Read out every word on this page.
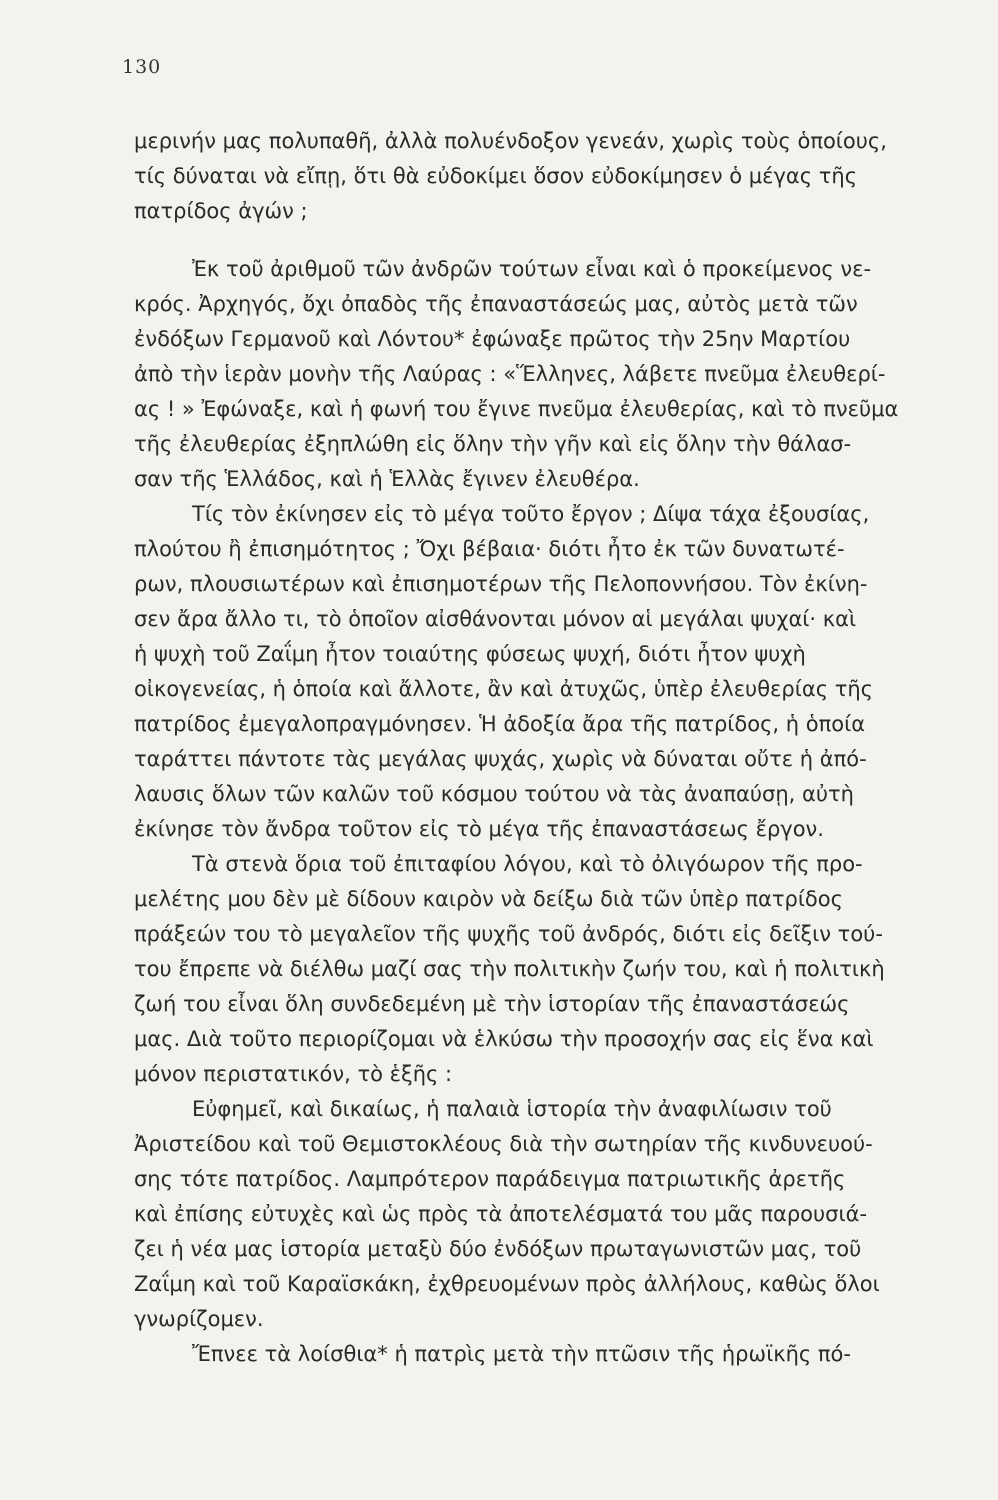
130
μερινήν μας πολυπαθῆ, ἀλλὰ πολυένδοξον γενεάν, χωρὶς τοὺς ὁποίους,
τίς δύναται νὰ εἴπῃ, ὅτι θὰ εὐδοκίμει ὅσον εὐδοκίμησεν ὁ μέγας τῆς
πατρίδος ἀγών ;
Ἐκ τοῦ ἀριθμοῦ τῶν ἀνδρῶν τούτων εἶναι καὶ ὁ προκείμενος νε-
κρός. Ἀρχηγός, ὄχι ὀπαδὸς τῆς ἐπαναστάσεώς μας, αὐτὸς μετὰ τῶν
ἐνδόξων Γερμανοῦ καὶ Λόντου* ἐφώναξε πρῶτος τὴν 25ην Μαρτίου
ἀπὸ τὴν ἱερὰν μονὴν τῆς Λαύρας : «Ἕλληνες, λάβετε πνεῦμα ἐλευθερί-
ας ! » Ἐφώναξε, καὶ ἡ φωνή του ἔγινε πνεῦμα ἐλευθερίας, καὶ τὸ πνεῦμα
τῆς ἐλευθερίας ἐξηπλώθη εἰς ὅλην τὴν γῆν καὶ εἰς ὅλην τὴν θάλασ-
σαν τῆς Ἑλλάδος, καὶ ἡ Ἑλλὰς ἔγινεν ἐλευθέρα.
Τίς τὸν ἐκίνησεν εἰς τὸ μέγα τοῦτο ἔργον ; Δίψα τάχα ἐξουσίας,
πλούτου ἢ ἐπισημότητος ; Ὄχι βέβαια· διότι ἦτο ἐκ τῶν δυνατωτέ-
ρων, πλουσιωτέρων καὶ ἐπισημοτέρων τῆς Πελοποννήσου. Τὸν ἐκίνη-
σεν ἄρα ἄλλο τι, τὸ ὁποῖον αἰσθάνονται μόνον αἱ μεγάλαι ψυχαί· καὶ
ἡ ψυχὴ τοῦ Ζαΐμη ἦτον τοιαύτης φύσεως ψυχή, διότι ἦτον ψυχὴ
οἰκογενείας, ἡ ὁποία καὶ ἄλλοτε, ἂν καὶ ἀτυχῶς, ὑπὲρ ἐλευθερίας τῆς
πατρίδος ἐμεγαλοπραγμόνησεν. Ἡ ἀδοξία ἄρα τῆς πατρίδος, ἡ ὁποία
ταράττει πάντοτε τὰς μεγάλας ψυχάς, χωρὶς νὰ δύναται οὔτε ἡ ἀπό-
λαυσις ὅλων τῶν καλῶν τοῦ κόσμου τούτου νὰ τὰς ἀναπαύσῃ, αὐτὴ
ἐκίνησε τὸν ἄνδρα τοῦτον εἰς τὸ μέγα τῆς ἐπαναστάσεως ἔργον.
Τὰ στενὰ ὅρια τοῦ ἐπιταφίου λόγου, καὶ τὸ ὀλιγόωρον τῆς προ-
μελέτης μου δὲν μὲ δίδουν καιρὸν νὰ δείξω διὰ τῶν ὑπὲρ πατρίδος
πράξεών του τὸ μεγαλεῖον τῆς ψυχῆς τοῦ ἀνδρός, διότι εἰς δεῖξιν τού-
του ἔπρεπε νὰ διέλθω μαζί σας τὴν πολιτικὴν ζωήν του, καὶ ἡ πολιτικὴ
ζωή του εἶναι ὅλη συνδεδεμένη μὲ τὴν ἱστορίαν τῆς ἐπαναστάσεώς
μας. Διὰ τοῦτο περιορίζομαι νὰ ἑλκύσω τὴν προσοχήν σας εἰς ἕνα καὶ
μόνον περιστατικόν, τὸ ἑξῆς :
Εὐφημεῖ, καὶ δικαίως, ἡ παλαιὰ ἱστορία τὴν ἀναφιλίωσιν τοῦ
Ἀριστείδου καὶ τοῦ Θεμιστοκλέους διὰ τὴν σωτηρίαν τῆς κινδυνευού-
σης τότε πατρίδος. Λαμπρότερον παράδειγμα πατριωτικῆς ἀρετῆς
καὶ ἐπίσης εὐτυχὲς καὶ ὡς πρὸς τὰ ἀποτελέσματά του μᾶς παρουσιά-
ζει ἡ νέα μας ἱστορία μεταξὺ δύο ἐνδόξων πρωταγωνιστῶν μας, τοῦ
Ζαΐμη καὶ τοῦ Καραϊσκάκη, ἐχθρευομένων πρὸς ἀλλήλους, καθὼς ὅλοι
γνωρίζομεν.
Ἔπνεε τὰ λοίσθια* ἡ πατρὶς μετὰ τὴν πτῶσιν τῆς ἡρωϊκῆς πό-
